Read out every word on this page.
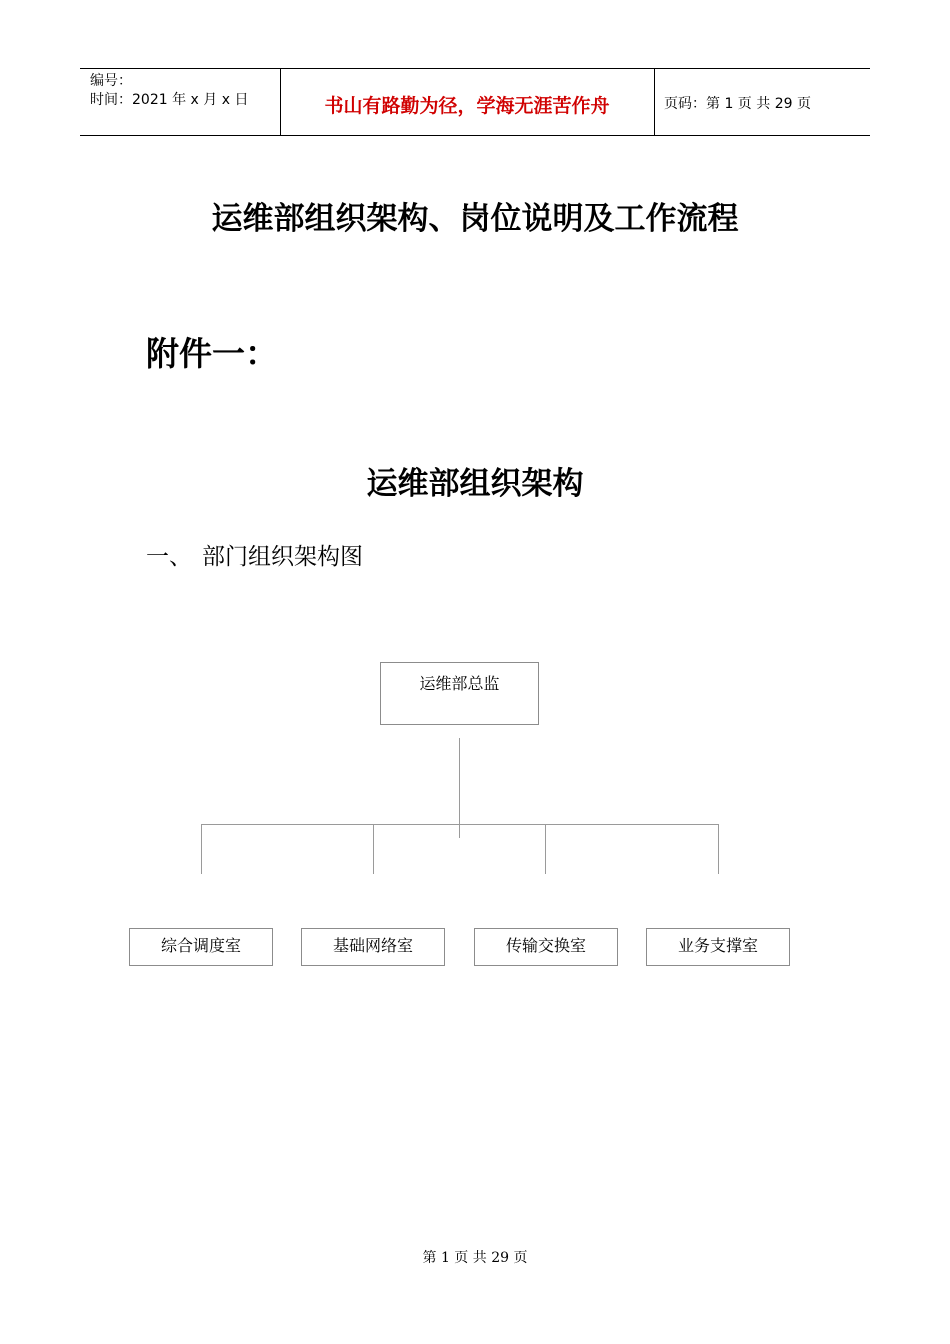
编号：
时间：2021 年 x 月 x 日	书山有路勤为径，学海无涯苦作舟	页码：第 1 页 共 29 页
运维部组织架构、岗位说明及工作流程
附件一：
运维部组织架构
一、 部门组织架构图
运维部总监
综合调度室	基础网络室	传输交换室	业务支撑室
第 1 页 共 29 页
